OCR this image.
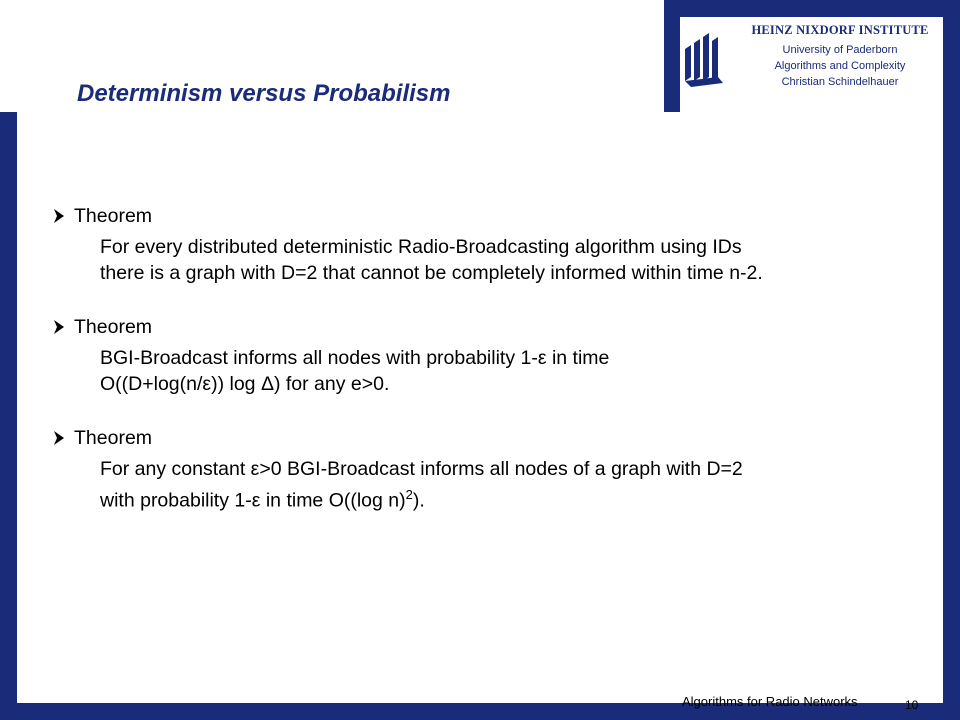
HEINZ NIXDORF INSTITUTE
University of Paderborn
Algorithms and Complexity
Christian Schindelhauer
Determinism versus Probabilism
Theorem
For every distributed deterministic Radio-Broadcasting algorithm using IDs
there is a graph with D=2 that cannot be completely informed within time n-2.
Theorem
BGI-Broadcast informs all nodes with probability 1-ε in time
O((D+log(n/ε)) log Δ) for any e>0.
Theorem
For any constant ε>0 BGI-Broadcast informs all nodes of a graph with D=2
with probability 1-ε in time O((log n)$^2$).
Algorithms for Radio Networks	10
